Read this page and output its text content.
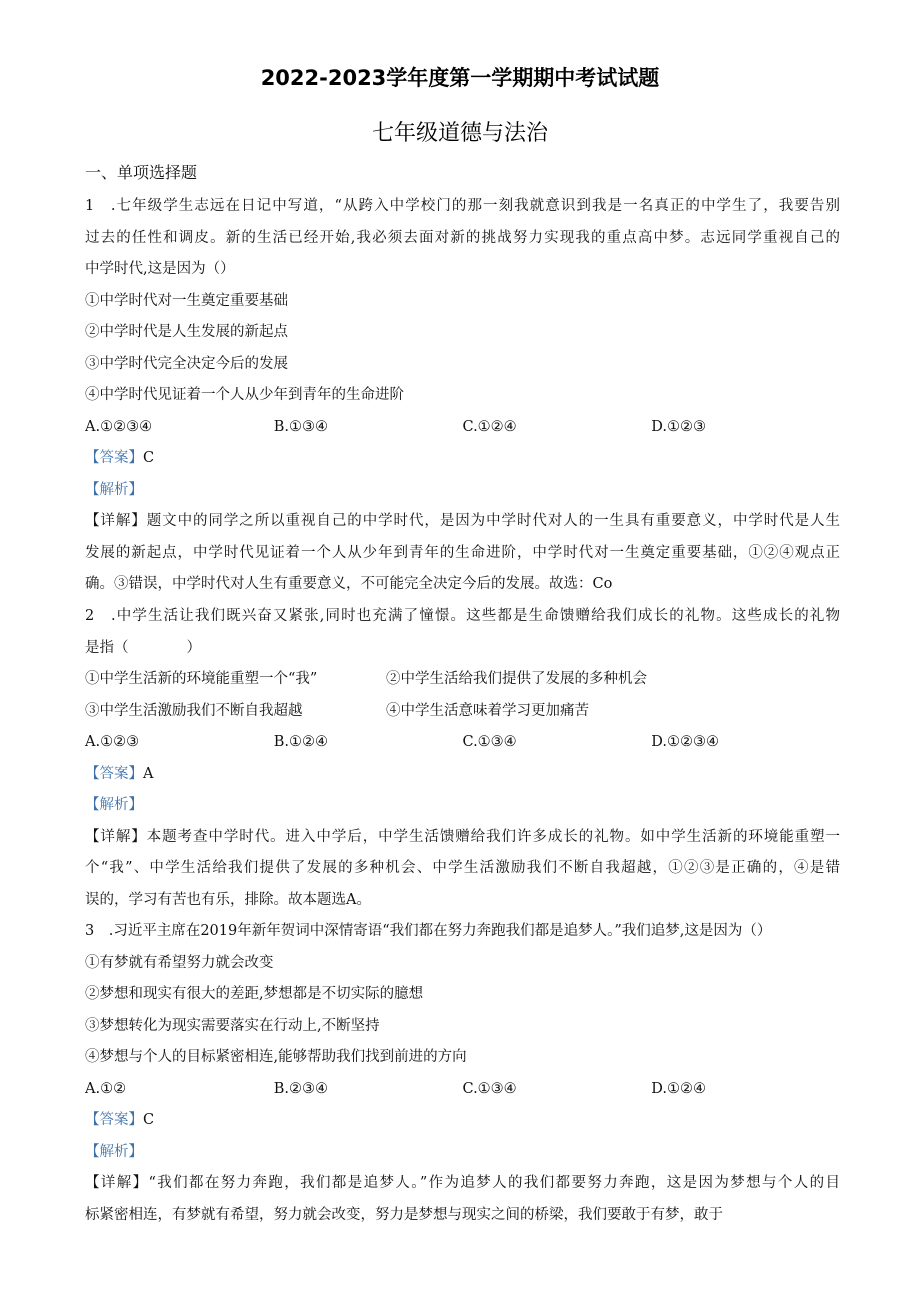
2022-2023学年度第一学期期中考试试题
七年级道德与法治
一、单项选择题
1　.七年级学生志远在日记中写道，“从跨入中学校门的那一刻我就意识到我是一名真正的中学生了，我要告别
过去的任性和调皮。新的生活已经开始,我必须去面对新的挑战努力实现我的重点高中梦。志远同学重视自己的
中学时代,这是因为（）
①中学时代对一生奠定重要基础
②中学时代是人生发展的新起点
③中学时代完全决定今后的发展
④中学时代见证着一个人从少年到青年的生命进阶
A.①②③④	B.①③④	C.①②④	D.①②③
【答案】C
【解析】
【详解】题文中的同学之所以重视自己的中学时代，是因为中学时代对人的一生具有重要意义，中学时代是人生
发展的新起点，中学时代见证着一个人从少年到青年的生命进阶，中学时代对一生奠定重要基础，①②④观点正
确。③错误，中学时代对人生有重要意义，不可能完全决定今后的发展。故选：Co
2　.中学生活让我们既兴奋又紧张,同时也充满了憧憬。这些都是生命馈赠给我们成长的礼物。这些成长的礼物
是指（　　　　）
①中学生活新的环境能重塑一个“我”	②中学生活给我们提供了发展的多种机会
③中学生活激励我们不断自我超越	④中学生活意味着学习更加痛苦
A.①②③	B.①②④	C.①③④	D.①②③④
【答案】A
【解析】
【详解】本题考查中学时代。进入中学后，中学生活馈赠给我们许多成长的礼物。如中学生活新的环境能重塑一
个“我”、中学生活给我们提供了发展的多种机会、中学生活激励我们不断自我超越，①②③是正确的，④是错
误的，学习有苦也有乐，排除。故本题选A。
3　.习近平主席在2019年新年贺词中深情寄语“我们都在努力奔跑我们都是追梦人。”我们追梦,这是因为（）
①有梦就有希望努力就会改变
②梦想和现实有很大的差距,梦想都是不切实际的臆想
③梦想转化为现实需要落实在行动上,不断坚持
④梦想与个人的目标紧密相连,能够帮助我们找到前进的方向
A.①②	B.②③④	C.①③④	D.①②④
【答案】C
【解析】
【详解】“我们都在努力奔跑，我们都是追梦人。”作为追梦人的我们都要努力奔跑，这是因为梦想与个人的目
标紧密相连，有梦就有希望，努力就会改变，努力是梦想与现实之间的桥梁，我们要敢于有梦，敢于
